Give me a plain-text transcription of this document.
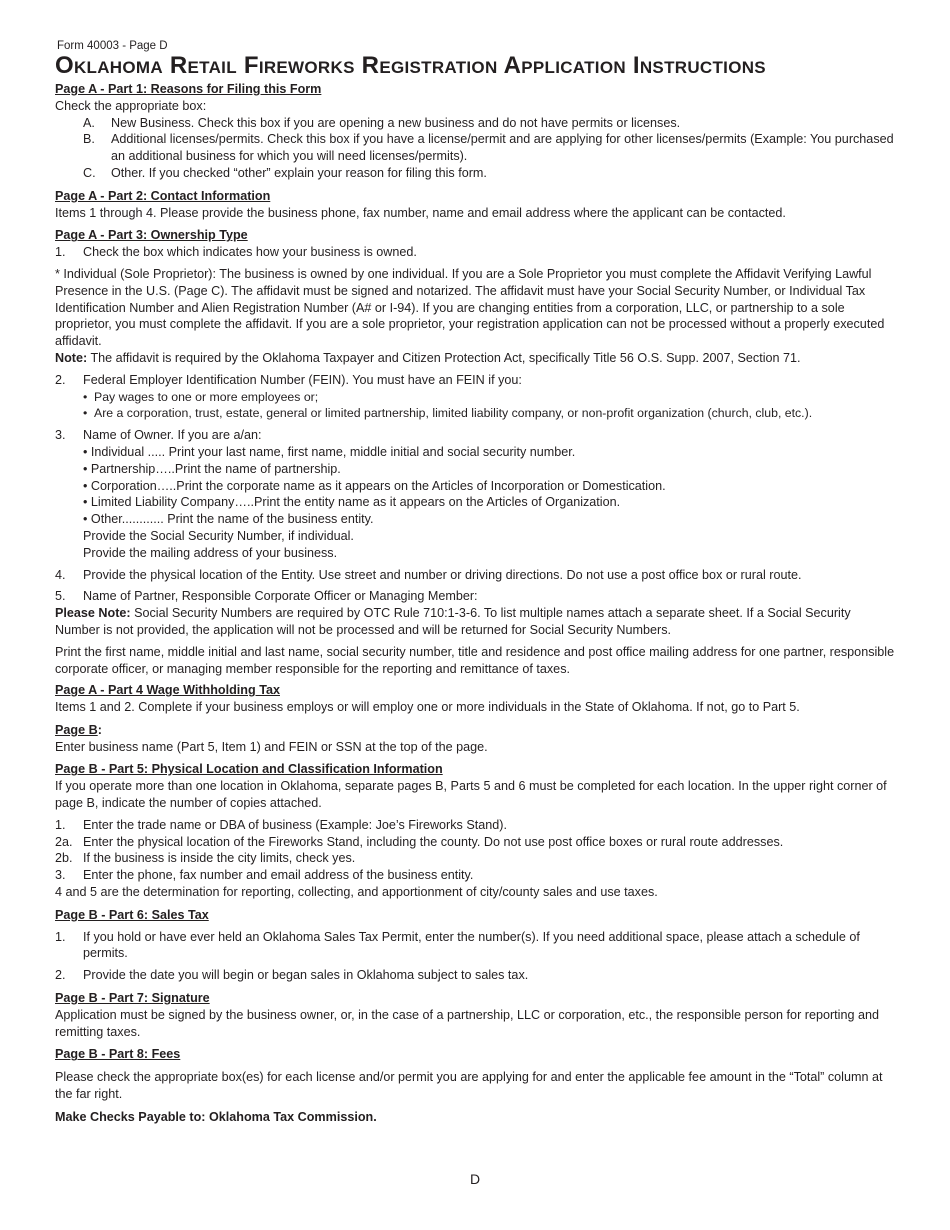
Form 40003 - Page D
Oklahoma Retail Fireworks Registration Application Instructions
Page A - Part 1: Reasons for Filing this Form
Check the appropriate box:
A.	New Business. Check this box if you are opening a new business and do not have permits or licenses.
B.	Additional licenses/permits. Check this box if you have a license/permit and are applying for other licenses/permits (Example: You purchased an additional business for which you will need licenses/permits).
C.	Other. If you checked “other” explain your reason for filing this form.
Page A - Part 2: Contact Information
Items 1 through 4. Please provide the business phone, fax number, name and email address where the applicant can be contacted.
Page A - Part 3: Ownership Type
1.	Check the box which indicates how your business is owned.
* Individual (Sole Proprietor): The business is owned by one individual. If you are a Sole Proprietor you must complete the Affidavit Verifying Lawful Presence in the U.S. (Page C). The affidavit must be signed and notarized. The affidavit must have your Social Security Number, or Individual Tax Identification Number and Alien Registration Number (A# or I-94). If you are changing entities from a corporation, LLC, or partnership to a sole proprietor, you must complete the affidavit. If you are a sole proprietor, your registration application can not be processed without a properly executed affidavit.
Note: The affidavit is required by the Oklahoma Taxpayer and Citizen Protection Act, specifically Title 56 O.S. Supp. 2007, Section 71.
2.	Federal Employer Identification Number (FEIN). You must have an FEIN if you:
• Pay wages to one or more employees or;
• Are a corporation, trust, estate, general or limited partnership, limited liability company, or non-profit organization (church, club, etc.).
3.	Name of Owner. If you are a/an:
• Individual ..... Print your last name, first name, middle initial and social security number.
• Partnership…..Print the name of partnership.
• Corporation…..Print the corporate name as it appears on the Articles of Incorporation or Domestication.
• Limited Liability Company…..Print the entity name as it appears on the Articles of Organization.
• Other............ Print the name of the business entity.
Provide the Social Security Number, if individual.
Provide the mailing address of your business.
4.	Provide the physical location of the Entity. Use street and number or driving directions. Do not use a post office box or rural route.
5.	Name of Partner, Responsible Corporate Officer or Managing Member:
Please Note: Social Security Numbers are required by OTC Rule 710:1-3-6. To list multiple names attach a separate sheet. If a Social Security Number is not provided, the application will not be processed and will be returned for Social Security Numbers.
Print the first name, middle initial and last name, social security number, title and residence and post office mailing address for one partner, responsible corporate officer, or managing member responsible for the reporting and remittance of taxes.
Page A - Part 4 Wage Withholding Tax
Items 1 and 2. Complete if your business employs or will employ one or more individuals in the State of Oklahoma. If not, go to Part 5.
Page B:
Enter business name (Part 5, Item 1) and FEIN or SSN at the top of the page.
Page B - Part 5: Physical Location and Classification Information
If you operate more than one location in Oklahoma, separate pages B, Parts 5 and 6 must be completed for each location. In the upper right corner of page B, indicate the number of copies attached.
1.	Enter the trade name or DBA of business (Example: Joe’s Fireworks Stand).
2a. Enter the physical location of the Fireworks Stand, including the county. Do not use post office boxes or rural route addresses.
2b. If the business is inside the city limits, check yes.
3.	Enter the phone, fax number and email address of the business entity.
4 and 5 are the determination for reporting, collecting, and apportionment of city/county sales and use taxes.
Page B - Part 6: Sales Tax
1.	If you hold or have ever held an Oklahoma Sales Tax Permit, enter the number(s). If you need additional space, please attach a schedule of permits.
2.	Provide the date you will begin or began sales in Oklahoma subject to sales tax.
Page B - Part 7: Signature
Application must be signed by the business owner, or, in the case of a partnership, LLC or corporation, etc., the responsible person for reporting and remitting taxes.
Page B - Part 8: Fees
Please check the appropriate box(es) for each license and/or permit you are applying for and enter the applicable fee amount in the “Total” column at the far right.
Make Checks Payable to: Oklahoma Tax Commission.
D
